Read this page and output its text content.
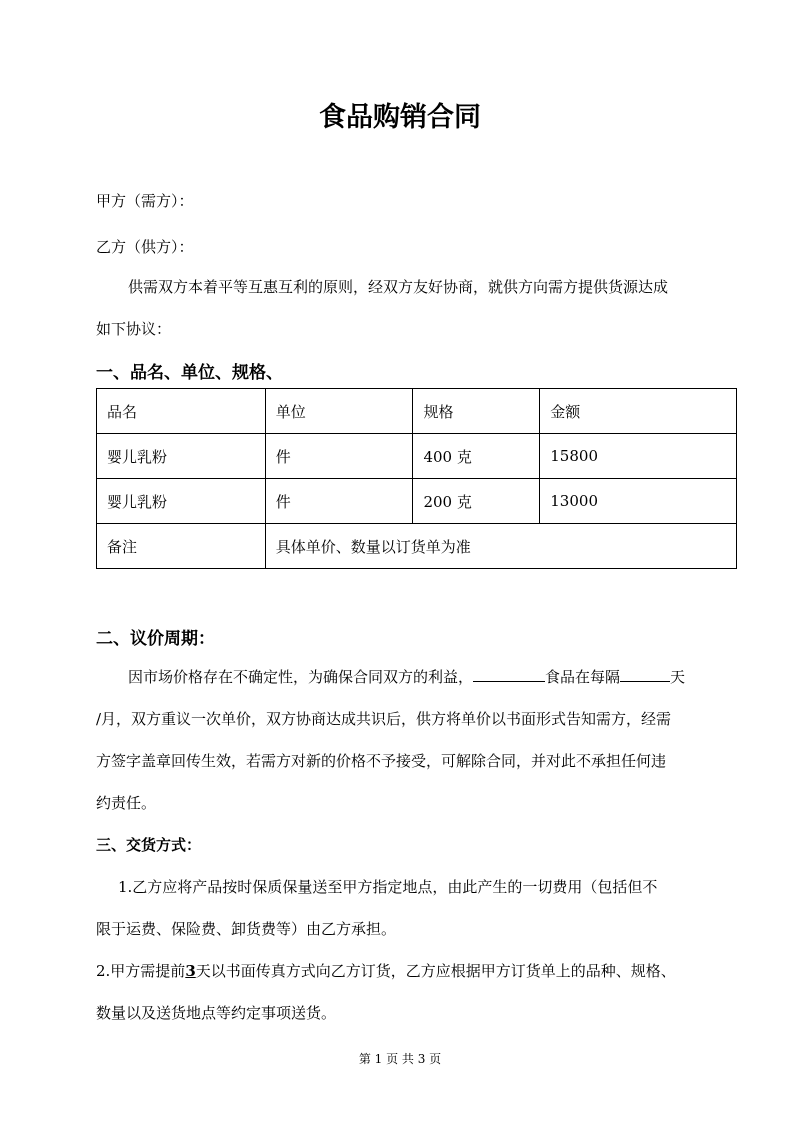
食品购销合同
甲方（需方）：
乙方（供方）：
供需双方本着平等互惠互利的原则，经双方友好协商，就供方向需方提供货源达成
如下协议：
一、品名、单位、规格、
品名	单位	规格	金额
婴儿乳粉	件	400 克	15800
婴儿乳粉	件	200 克	13000
备注	具体单价、数量以订货单为准		
二、议价周期：
因市场价格存在不确定性，为确保合同双方的利益，	食品在每隔	天
/月，双方重议一次单价，双方协商达成共识后，供方将单价以书面形式告知需方，经需
方签字盖章回传生效，若需方对新的价格不予接受，可解除合同，并对此不承担任何违
约责任。
三、交货方式：
1.乙方应将产品按时保质保量送至甲方指定地点，由此产生的一切费用（包括但不
限于运费、保险费、卸货费等）由乙方承担。
2.甲方需提前3天以书面传真方式向乙方订货，乙方应根据甲方订货单上的品种、规格、
数量以及送货地点等约定事项送货。
第 1 页 共 3 页
